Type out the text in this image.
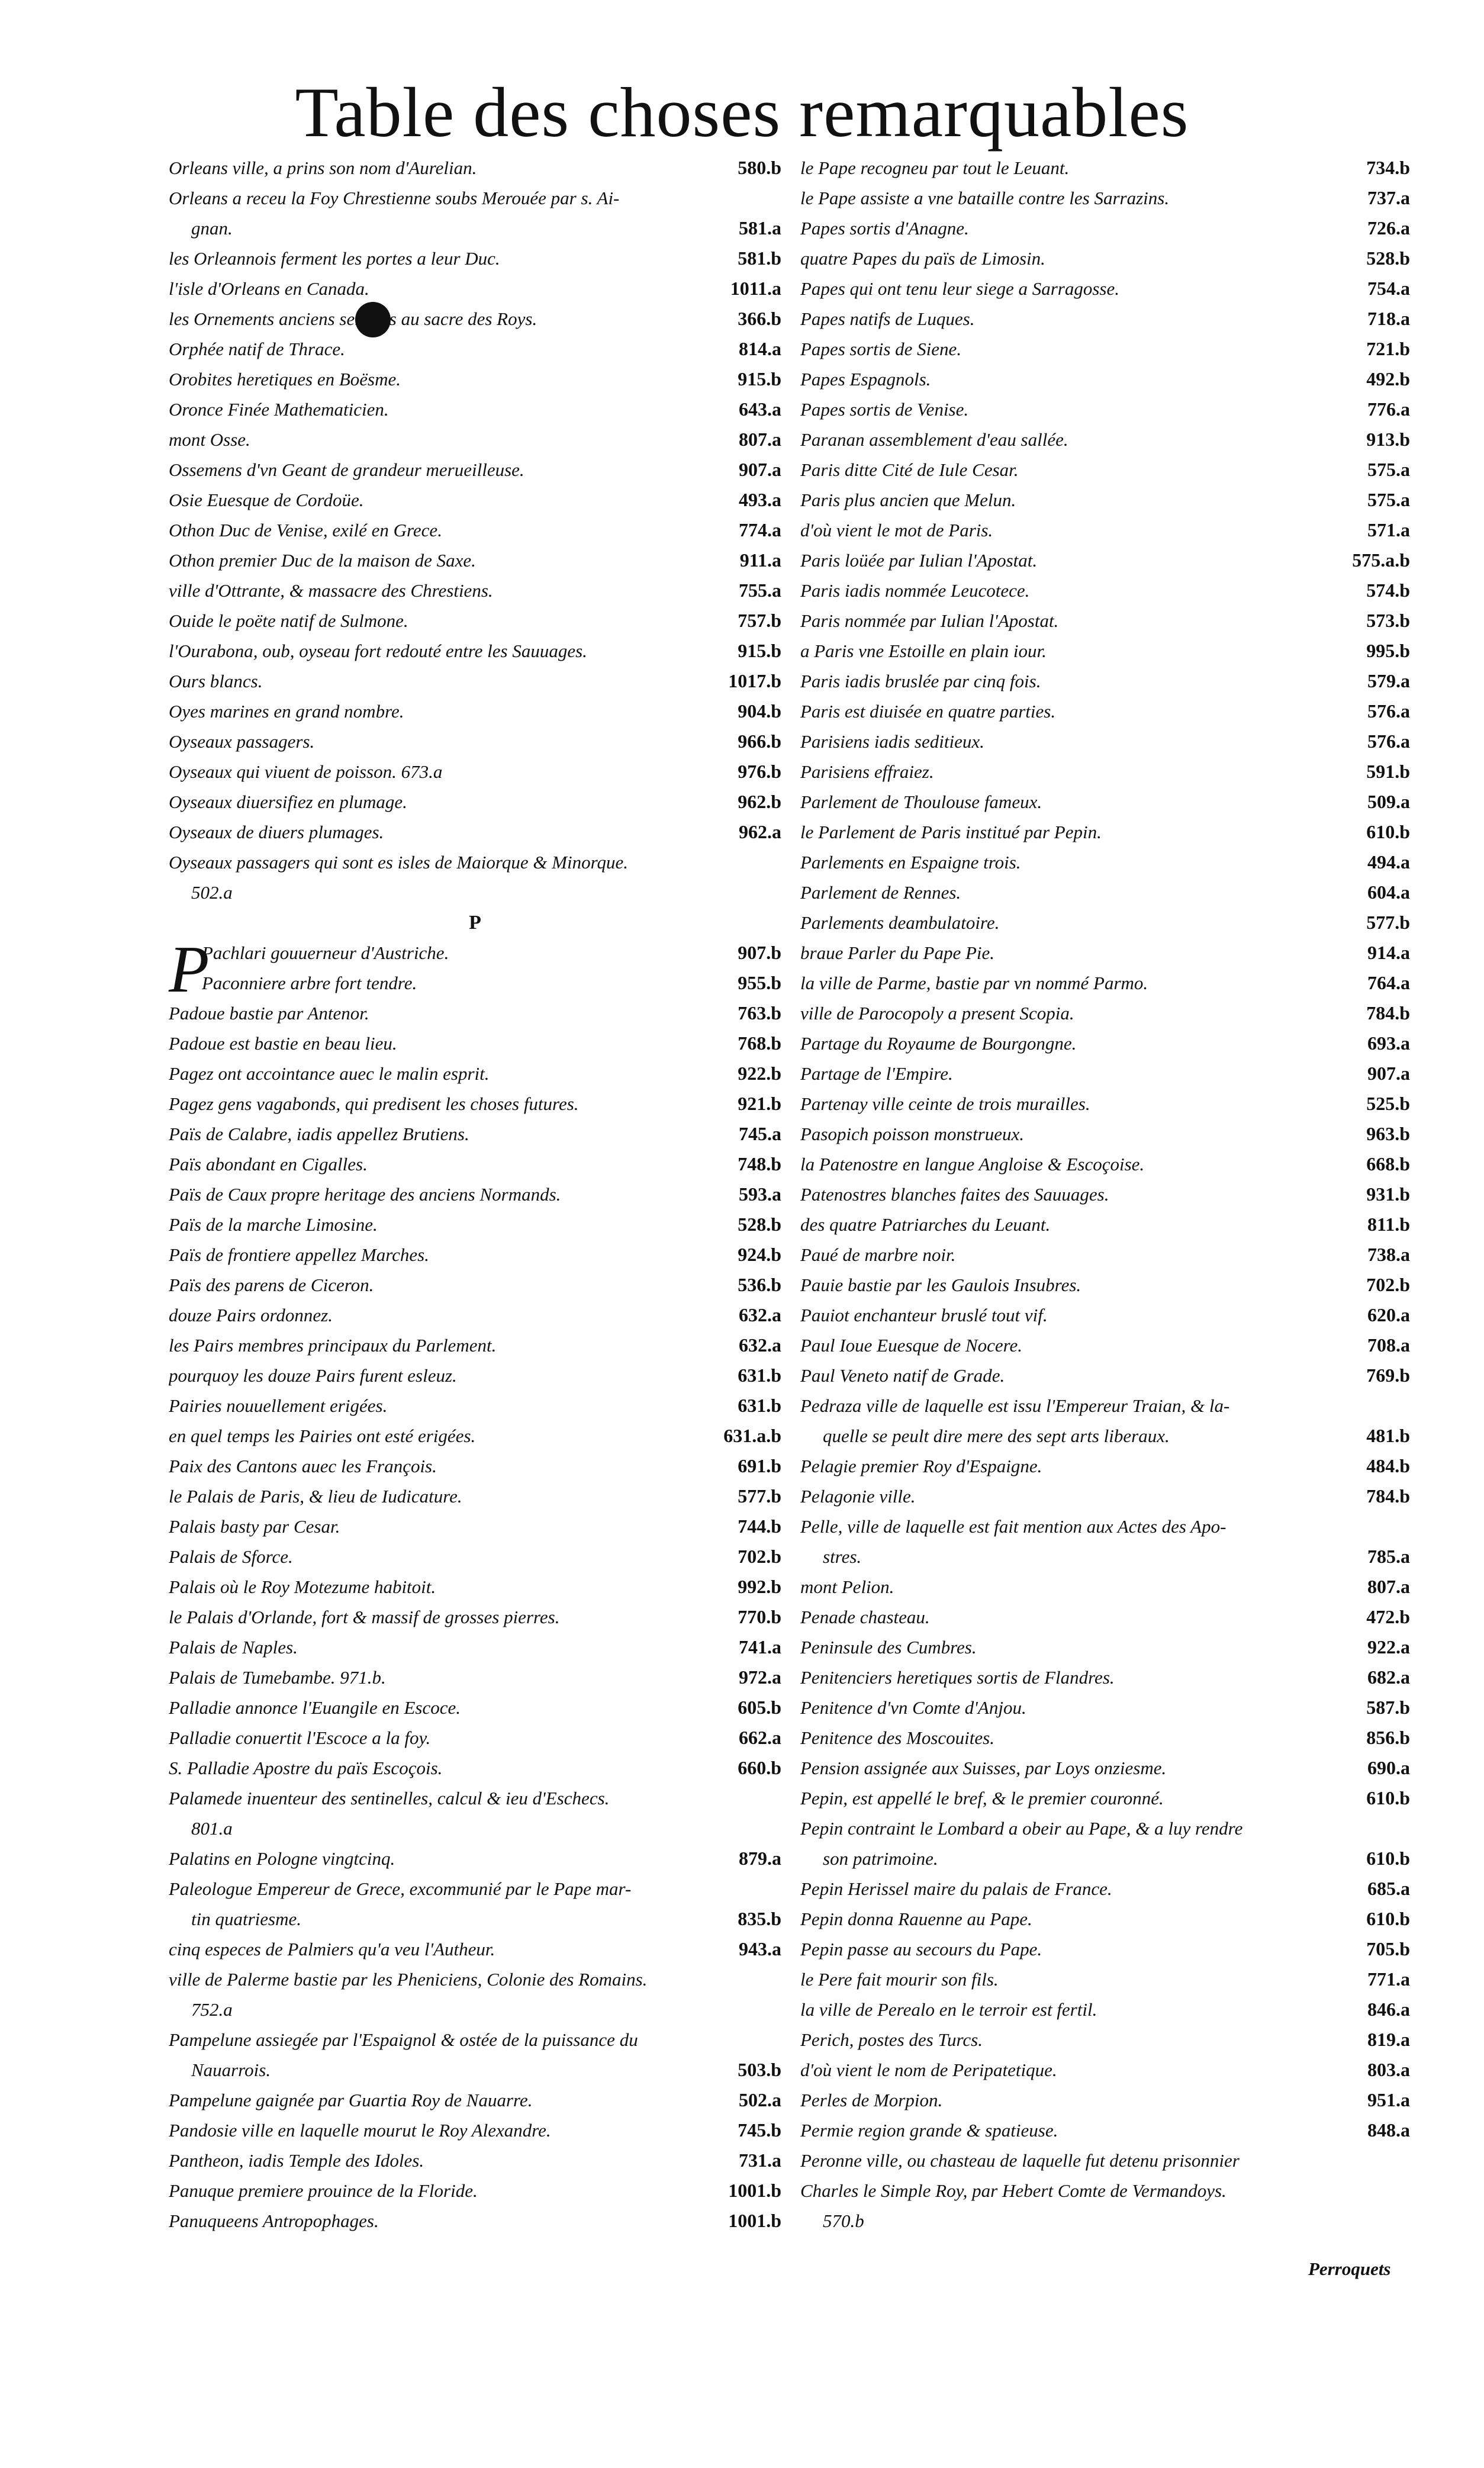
Table des choses remarquables
Orleans ville, a prins son nom d'Aurelian.	580.b
Orleans a receu la Foy Chrestienne soubs Merouée par s. Ai-
gnan.	581.a
les Orleannois ferment les portes a leur Duc.	581.b
l'isle d'Orleans en Canada.	1011.a
les Ornements anciens seruans au sacre des Roys.	366.b
Orphée natif de Thrace.	814.a
Orobites heretiques en Boësme.	915.b
Oronce Finée Mathematicien.	643.a
mont Osse.	807.a
Ossemens d'vn Geant de grandeur merueilleuse.	907.a
Osie Euesque de Cordoüe.	493.a
Othon Duc de Venise, exilé en Grece.	774.a
Othon premier Duc de la maison de Saxe.	911.a
ville d'Ottrante, & massacre des Chrestiens.	755.a
Ouide le poëte natif de Sulmone.	757.b
l'Ourabona, oub, oyseau fort redouté entre les Sauuages.	915.b
Ours blancs.	1017.b
Oyes marines en grand nombre.	904.b
Oyseaux passagers.	966.b
Oyseaux qui viuent de poisson. 673.a	976.b
Oyseaux diuersifiez en plumage.	962.b
Oyseaux de diuers plumages.	962.a
Oyseaux passagers qui sont es isles de Maiorque & Minorque.
502.a
P
Pachlari gouuerneur d'Austriche.	907.b
P
Paconniere arbre fort tendre.	955.b
Padoue bastie par Antenor.	763.b
Padoue est bastie en beau lieu.	768.b
Pagez ont accointance auec le malin esprit.	922.b
Pagez gens vagabonds, qui predisent les choses futures.	921.b
Païs de Calabre, iadis appellez Brutiens.	745.a
Païs abondant en Cigalles.	748.b
Païs de Caux propre heritage des anciens Normands.	593.a
Païs de la marche Limosine.	528.b
Païs de frontiere appellez Marches.	924.b
Païs des parens de Ciceron.	536.b
douze Pairs ordonnez.	632.a
les Pairs membres principaux du Parlement.	632.a
pourquoy les douze Pairs furent esleuz.	631.b
Pairies nouuellement erigées.	631.b
en quel temps les Pairies ont esté erigées.	631.a.b
Paix des Cantons auec les François.	691.b
le Palais de Paris, & lieu de Iudicature.	577.b
Palais basty par Cesar.	744.b
Palais de Sforce.	702.b
Palais où le Roy Motezume habitoit.	992.b
le Palais d'Orlande, fort & massif de grosses pierres.	770.b
Palais de Naples.	741.a
Palais de Tumebambe. 971.b.	972.a
Palladie annonce l'Euangile en Escoce.	605.b
Palladie conuertit l'Escoce a la foy.	662.a
S. Palladie Apostre du païs Escoçois.	660.b
Palamede inuenteur des sentinelles, calcul & ieu d'Eschecs.
801.a
Palatins en Pologne vingtcinq.	879.a
Paleologue Empereur de Grece, excommunié par le Pape mar-
tin quatriesme.	835.b
cinq especes de Palmiers qu'a veu l'Autheur.	943.a
ville de Palerme bastie par les Pheniciens, Colonie des Romains.
752.a
Pampelune assiegée par l'Espaignol & ostée de la puissance du
Nauarrois.	503.b
Pampelune gaignée par Guartia Roy de Nauarre.	502.a
Pandosie ville en laquelle mourut le Roy Alexandre.	745.b
Pantheon, iadis Temple des Idoles.	731.a
Panuque premiere prouince de la Floride.	1001.b
Panuqueens Antropophages.	1001.b
le Pape recogneu par tout le Leuant.	734.b
le Pape assiste a vne bataille contre les Sarrazins.	737.a
Papes sortis d'Anagne.	726.a
quatre Papes du païs de Limosin.	528.b
Papes qui ont tenu leur siege a Sarragosse.	754.a
Papes natifs de Luques.	718.a
Papes sortis de Siene.	721.b
Papes Espagnols.	492.b
Papes sortis de Venise.	776.a
Paranan assemblement d'eau sallée.	913.b
Paris ditte Cité de Iule Cesar.	575.a
Paris plus ancien que Melun.	575.a
d'où vient le mot de Paris.	571.a
Paris loüée par Iulian l'Apostat.	575.a.b
Paris iadis nommée Leucotece.	574.b
Paris nommée par Iulian l'Apostat.	573.b
a Paris vne Estoille en plain iour.	995.b
Paris iadis bruslée par cinq fois.	579.a
Paris est diuisée en quatre parties.	576.a
Parisiens iadis seditieux.	576.a
Parisiens effraiez.	591.b
Parlement de Thoulouse fameux.	509.a
le Parlement de Paris institué par Pepin.	610.b
Parlements en Espaigne trois.	494.a
Parlement de Rennes.	604.a
Parlements deambulatoire.	577.b
braue Parler du Pape Pie.	914.a
la ville de Parme, bastie par vn nommé Parmo.	764.a
ville de Parocopoly a present Scopia.	784.b
Partage du Royaume de Bourgongne.	693.a
Partage de l'Empire.	907.a
Partenay ville ceinte de trois murailles.	525.b
Pasopich poisson monstrueux.	963.b
la Patenostre en langue Angloise & Escoçoise.	668.b
Patenostres blanches faites des Sauuages.	931.b
des quatre Patriarches du Leuant.	811.b
Paué de marbre noir.	738.a
Pauie bastie par les Gaulois Insubres.	702.b
Pauiot enchanteur bruslé tout vif.	620.a
Paul Ioue Euesque de Nocere.	708.a
Paul Veneto natif de Grade.	769.b
Pedraza ville de laquelle est issu l'Empereur Traian, & la-
quelle se peult dire mere des sept arts liberaux.	481.b
Pelagie premier Roy d'Espaigne.	484.b
Pelagonie ville.	784.b
Pelle, ville de laquelle est fait mention aux Actes des Apo-
stres.	785.a
mont Pelion.	807.a
Penade chasteau.	472.b
Peninsule des Cumbres.	922.a
Penitenciers heretiques sortis de Flandres.	682.a
Penitence d'vn Comte d'Anjou.	587.b
Penitence des Moscouites.	856.b
Pension assignée aux Suisses, par Loys onziesme.	690.a
Pepin, est appellé le bref, & le premier couronné.	610.b
Pepin contraint le Lombard a obeir au Pape, & a luy rendre
son patrimoine.	610.b
Pepin Herissel maire du palais de France.	685.a
Pepin donna Rauenne au Pape.	610.b
Pepin passe au secours du Pape.	705.b
le Pere fait mourir son fils.	771.a
la ville de Perealo en le terroir est fertil.	846.a
Perich, postes des Turcs.	819.a
d'où vient le nom de Peripatetique.	803.a
Perles de Morpion.	951.a
Permie region grande & spatieuse.	848.a
Peronne ville, ou chasteau de laquelle fut detenu prisonnier
Charles le Simple Roy, par Hebert Comte de Vermandoys.
570.b
Perroquets
